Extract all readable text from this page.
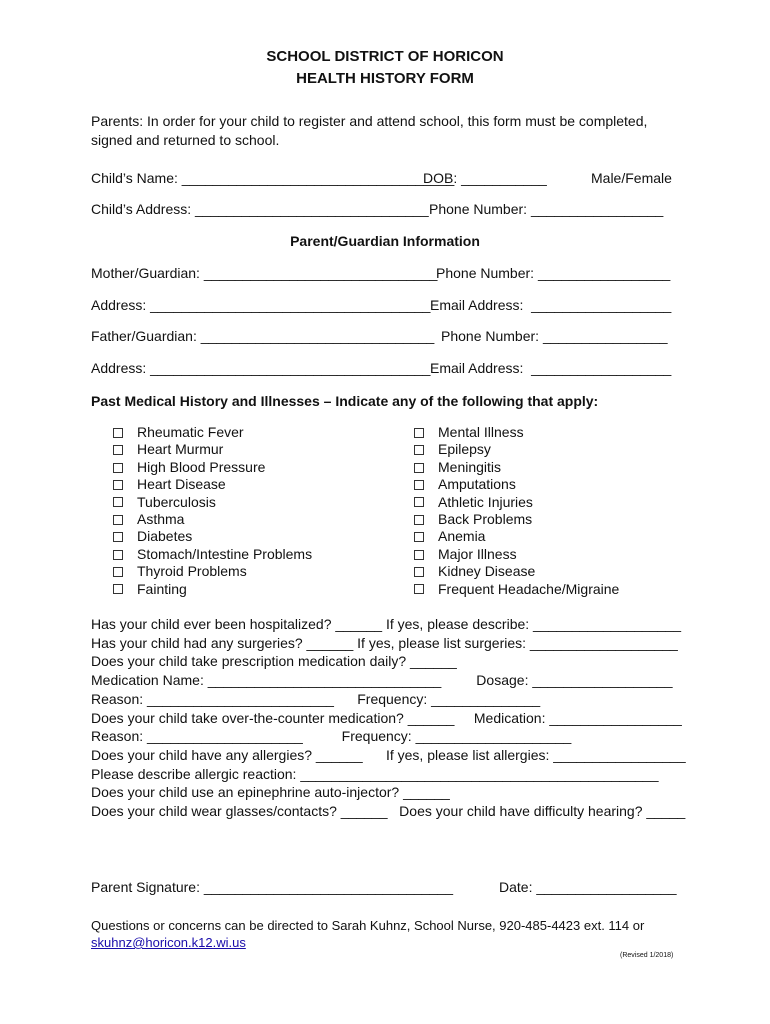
SCHOOL DISTRICT OF HORICON
HEALTH HISTORY FORM
Parents: In order for your child to register and attend school, this form must be completed,
signed and returned to school.
Child’s Name: ___________________________________
DOB: ___________	Male/Female
Child’s Address: ______________________________ Phone Number: _________________
Parent/Guardian Information
Mother/Guardian: ______________________________
Phone Number: _________________
Address: ____________________________________ Email Address:  __________________
Father/Guardian: ______________________________ Phone Number: ________________
Address: ____________________________________ Email Address:  __________________
Past Medical History and Illnesses – Indicate any of the following that apply:
Rheumatic Fever
Heart Murmur
High Blood Pressure
Heart Disease
Tuberculosis
Asthma
Diabetes
Stomach/Intestine Problems
Thyroid Problems
Fainting
Mental Illness
Epilepsy
Meningitis
Amputations
Athletic Injuries
Back Problems
Anemia
Major Illness
Kidney Disease
Frequent Headache/Migraine
Has your child ever been hospitalized? ______ If yes, please describe: ___________________
Has your child had any surgeries? ______ If yes, please list surgeries: ___________________
Does your child take prescription medication daily? ______
Medication Name: ______________________________         Dosage: __________________
Reason: ________________________      Frequency: ______________
Does your child take over-the-counter medication? ______     Medication: _________________
Reason: ____________________          Frequency: ____________________
Does your child have any allergies? ______      If yes, please list allergies: _________________
Please describe allergic reaction: ______________________________________________
Does your child use an epinephrine auto-injector? ______
Does your child wear glasses/contacts? ______   Does your child have difficulty hearing? _____
Parent Signature: ________________________________	Date: __________________
Questions or concerns can be directed to Sarah Kuhnz, School Nurse, 920-485-4423 ext. 114 or
skuhnz@horicon.k12.wi.us
(Revised 1/2018)
